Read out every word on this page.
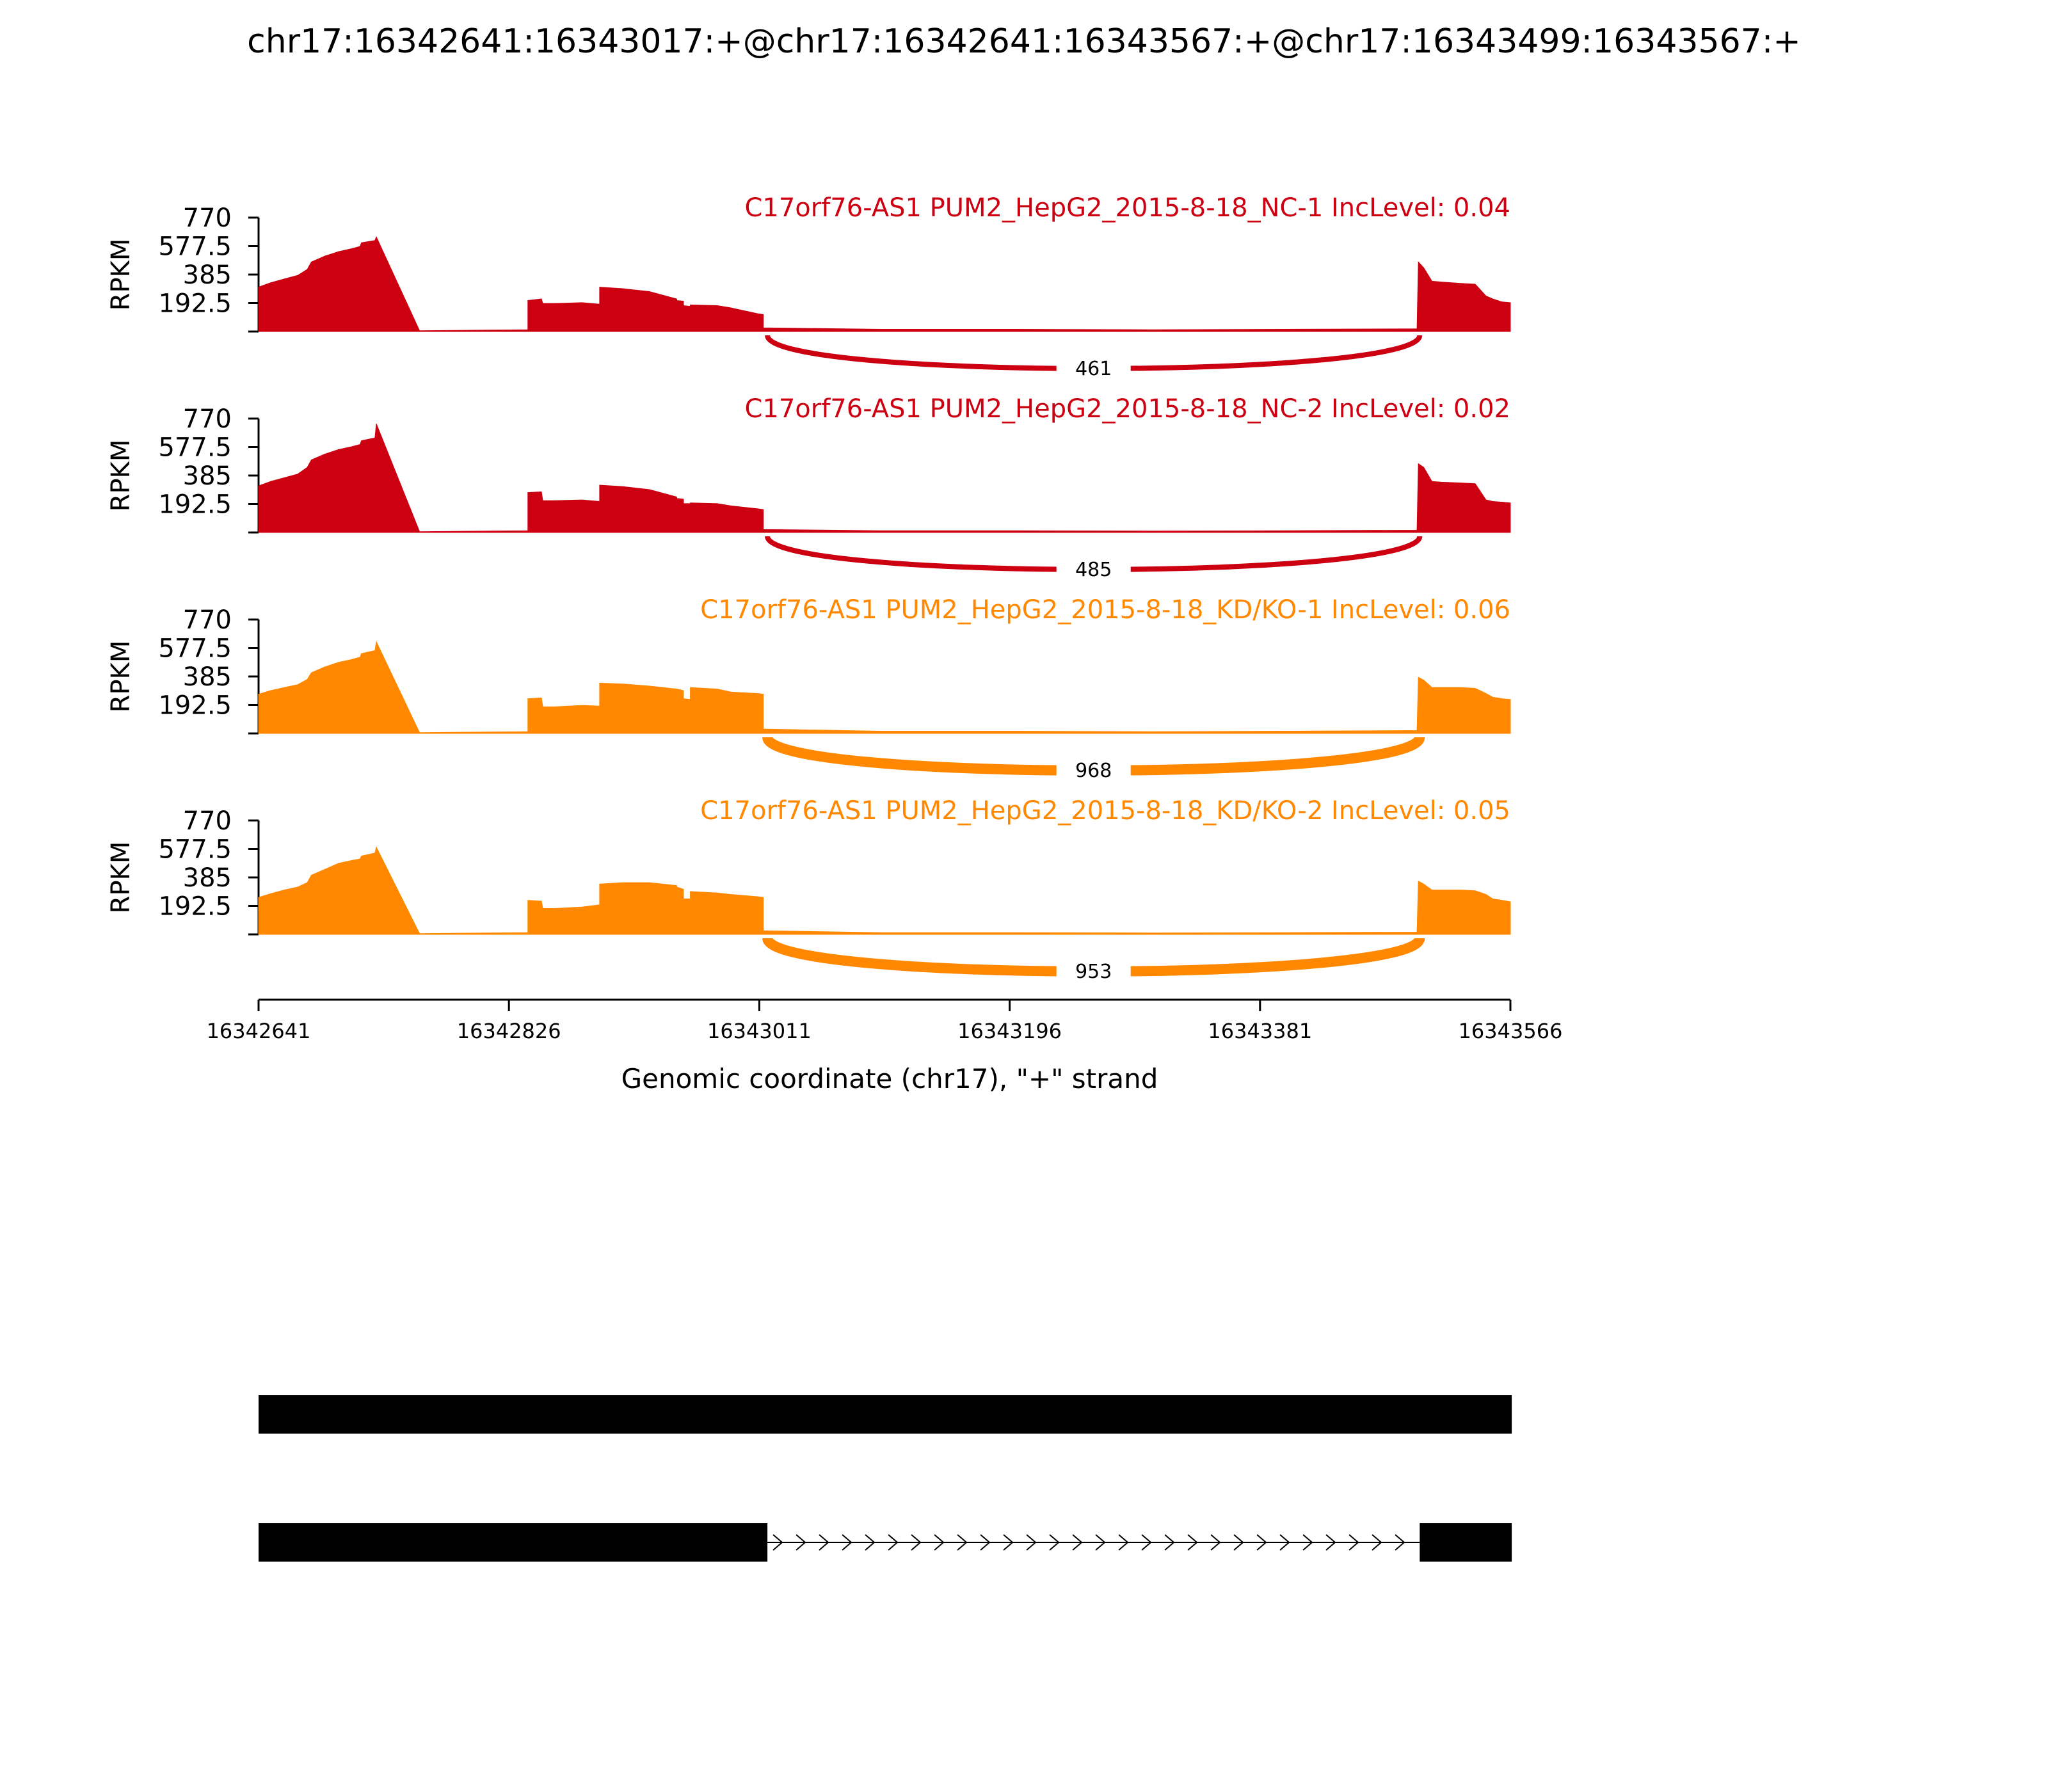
chr17:16342641:16343017:+@chr17:16342641:16343567:+@chr17:16343499:16343567:+
192.5
385
577.5
770
RPKM
461
C17orf76-AS1 PUM2_HepG2_2015-8-18_NC-1 IncLevel: 0.04
192.5
385
577.5
770
RPKM
485
C17orf76-AS1 PUM2_HepG2_2015-8-18_NC-2 IncLevel: 0.02
192.5
385
577.5
770
RPKM
968
C17orf76-AS1 PUM2_HepG2_2015-8-18_KD/KO-1 IncLevel: 0.06
192.5
385
577.5
770
RPKM
953
C17orf76-AS1 PUM2_HepG2_2015-8-18_KD/KO-2 IncLevel: 0.05
16342641	16342826	16343011	16343196	16343381	16343566
Genomic coordinate (chr17), "+" strand
